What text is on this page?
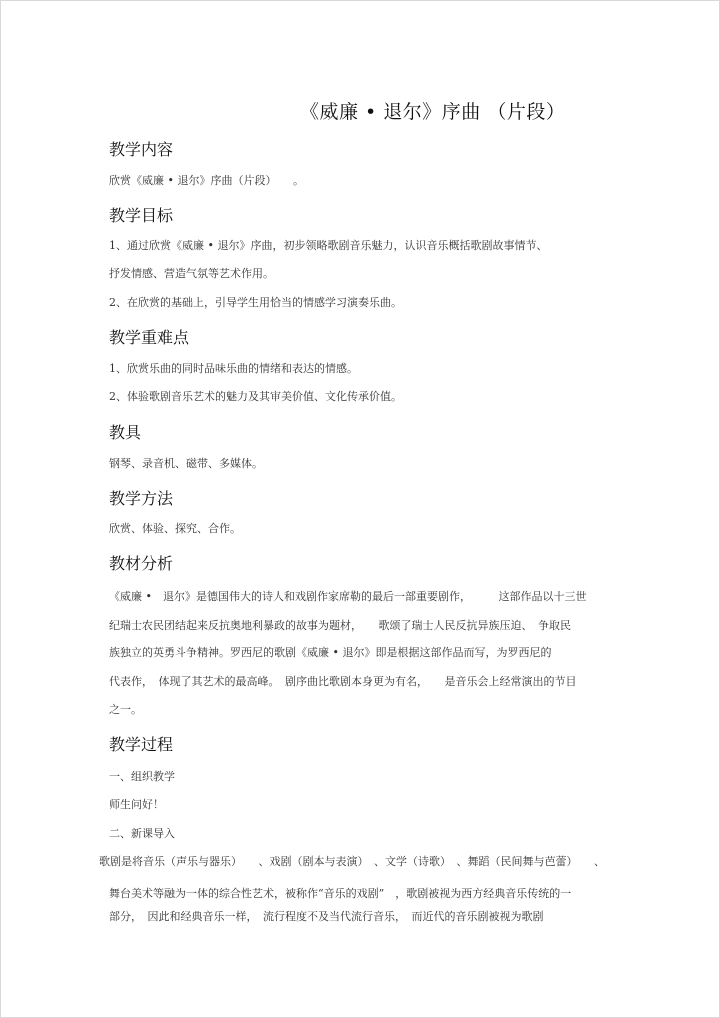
《威廉 • 退尔》序曲 （片段）
教学内容
欣赏《威廉 • 退尔》序曲（片段）　　。
教学目标
1、通过欣赏《威廉 • 退尔》序曲，初步领略歌剧音乐魅力，认识音乐概括歌剧故事情节、
抒发情感、营造气氛等艺术作用。
2、在欣赏的基础上，引导学生用恰当的情感学习演奏乐曲。
教学重难点
1、欣赏乐曲的同时品味乐曲的情绪和表达的情感。
2、体验歌剧音乐艺术的魅力及其审美价值、文化传承价值。
教具
钢琴、录音机、磁带、多媒体。
教学方法
欣赏、体验、探究、合作。
教材分析
《威廉 •　退尔》是德国伟大的诗人和戏剧作家席勒的最后一部重要剧作，　　　这部作品以十三世
纪瑞士农民团结起来反抗奥地利暴政的故事为题材，　　歌颂了瑞士人民反抗异族压迫、　争取民
族独立的英勇斗争精神。罗西尼的歌剧《威廉 • 退尔》即是根据这部作品而写，为罗西尼的
代表作，　体现了其艺术的最高峰。　剧序曲比歌剧本身更为有名，　　是音乐会上经常演出的节目
之一。
教学过程
一、组织教学
师生问好！
二、新课导入
歌剧是将音乐（声乐与器乐）　　、戏剧（剧本与表演）　、文学（诗歌）　、舞蹈（民间舞与芭蕾）　　、
舞台美术等融为一体的综合性艺术，被称作“音乐的戏剧”　，歌剧被视为西方经典音乐传统的一
部分，　因此和经典音乐一样，　流行程度不及当代流行音乐，　而近代的音乐剧被视为歌剧
